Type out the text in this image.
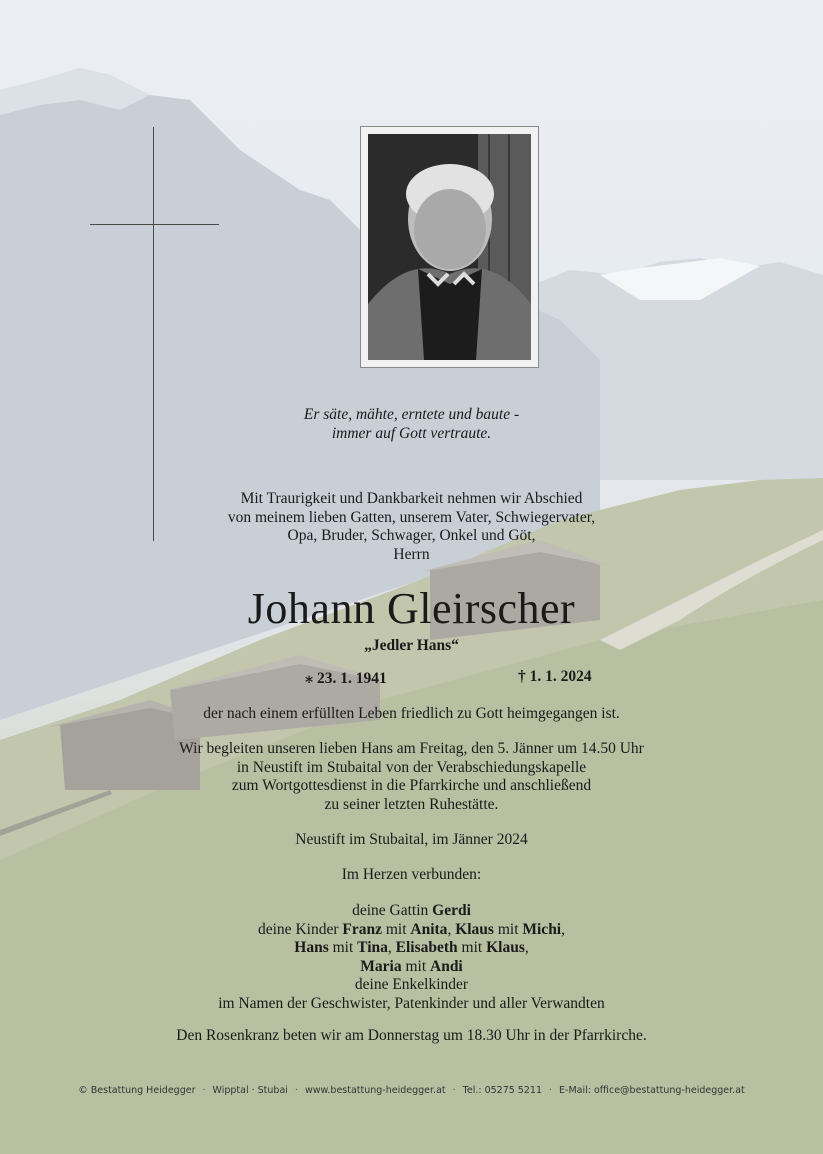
Er säte, mähte, erntete und baute -
immer auf Gott vertraute.
Mit Traurigkeit und Dankbarkeit nehmen wir Abschied
von meinem lieben Gatten, unserem Vater, Schwiegervater,
Opa, Bruder, Schwager, Onkel und Göt,
Herrn
Johann Gleirscher
„Jedler Hans“
⁎ 23. 1. 1941	† 1. 1. 2024
der nach einem erfüllten Leben friedlich zu Gott heimgegangen ist.
Wir begleiten unseren lieben Hans am Freitag, den 5. Jänner um 14.50 Uhr
in Neustift im Stubaital von der Verabschiedungskapelle
zum Wortgottesdienst in die Pfarrkirche und anschließend
zu seiner letzten Ruhestätte.
Neustift im Stubaital, im Jänner 2024
Im Herzen verbunden:
deine Gattin Gerdi
deine Kinder Franz mit Anita, Klaus mit Michi,
Hans mit Tina, Elisabeth mit Klaus,
Maria mit Andi
deine Enkelkinder
im Namen der Geschwister, Patenkinder und aller Verwandten
Den Rosenkranz beten wir am Donnerstag um 18.30 Uhr in der Pfarrkirche.
© Bestattung Heidegger · Wipptal · Stubai · www.bestattung-heidegger.at · Tel.: 05275 5211 · E-Mail: office@bestattung-heidegger.at
